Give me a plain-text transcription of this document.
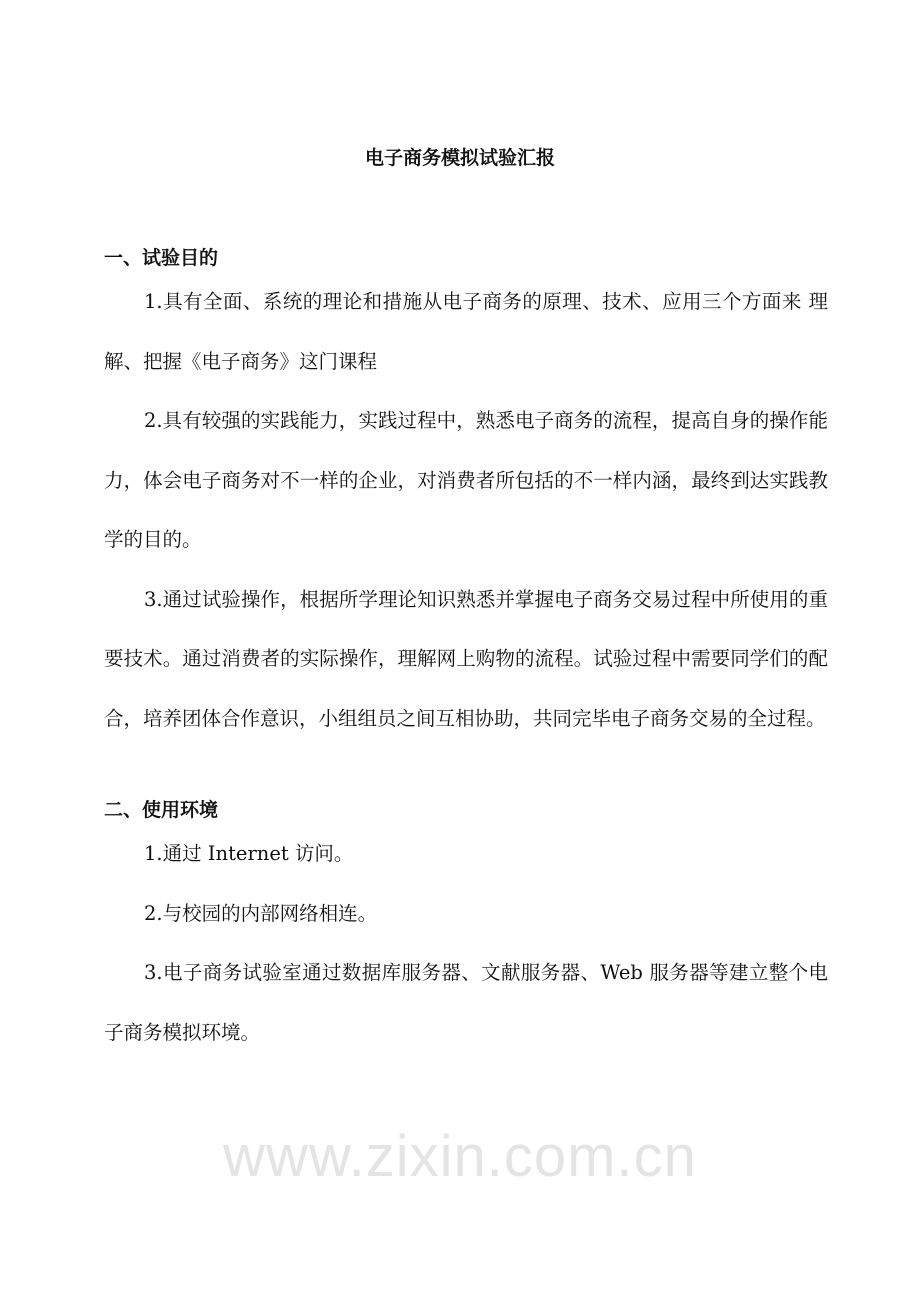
电子商务模拟试验汇报
一、试验目的

1.具有全面、系统的理论和措施从电子商务的原理、技术、应用三个方面来 理解、把握《电子商务》这门课程

2.具有较强的实践能力，实践过程中，熟悉电子商务的流程，提高自身的操作能力，体会电子商务对不一样的企业，对消费者所包括的不一样内涵，最终到达实践教学的目的。

3.通过试验操作，根据所学理论知识熟悉并掌握电子商务交易过程中所使用的重要技术。通过消费者的实际操作，理解网上购物的流程。试验过程中需要同学们的配合，培养团体合作意识，小组组员之间互相协助，共同完毕电子商务交易的全过程。

二、使用环境

1.通过 Internet 访问。

2.与校园的内部网络相连。

3.电子商务试验室通过数据库服务器、文献服务器、Web 服务器等建立整个电子商务模拟环境。

www.zixin.com.cn
